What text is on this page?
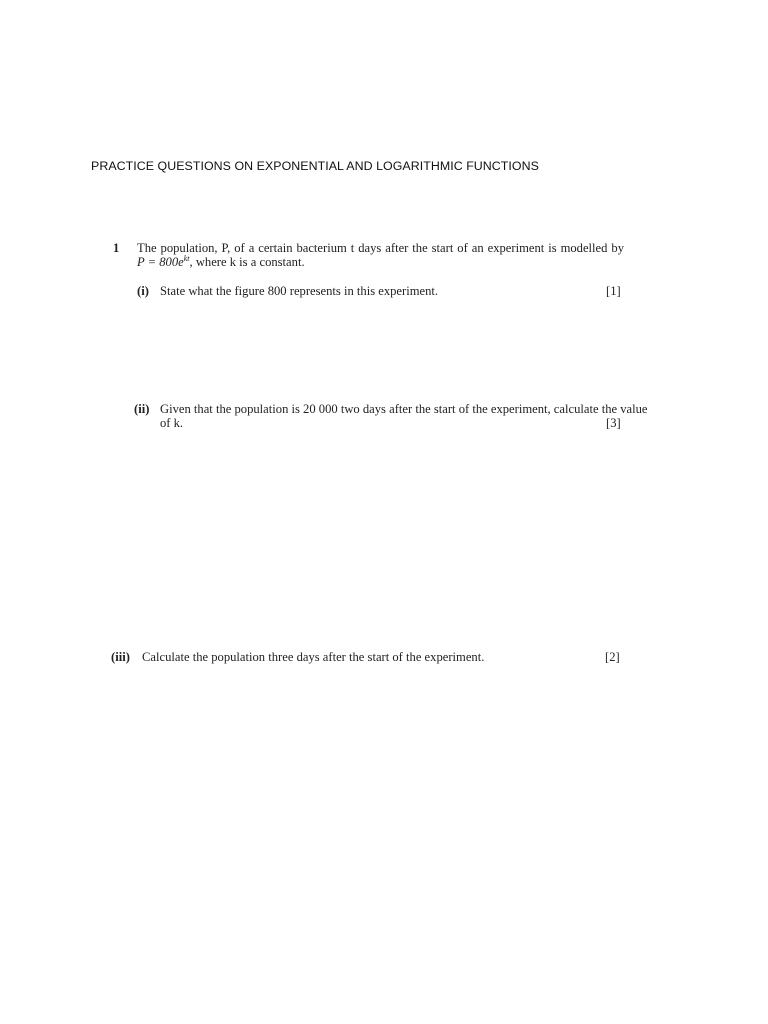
PRACTICE QUESTIONS ON EXPONENTIAL AND LOGARITHMIC FUNCTIONS
1 The population, P, of a certain bacterium t days after the start of an experiment is modelled by
$P = 800e^{kt}$, where k is a constant.
(i) State what the figure 800 represents in this experiment.	[1]
(ii) Given that the population is 20 000 two days after the start of the experiment, calculate the value
of k.	[3]
(iii) Calculate the population three days after the start of the experiment.	[2]
